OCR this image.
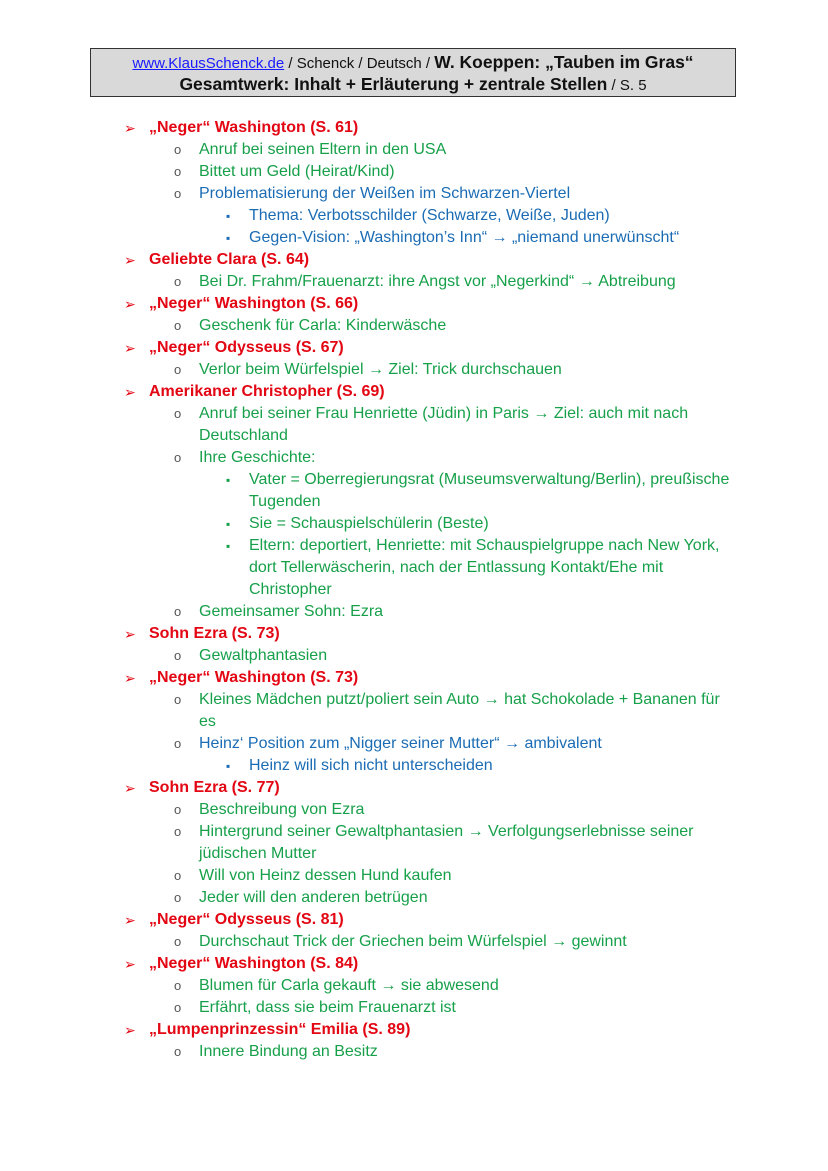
www.KlausSchenck.de / Schenck / Deutsch / W. Koeppen: „Tauben im Gras“
Gesamtwerk: Inhalt + Erläuterung + zentrale Stellen / S. 5
➢ „Neger“ Washington (S. 61)
o Anruf bei seinen Eltern in den USA
o Bittet um Geld (Heirat/Kind)
o Problematisierung der Weißen im Schwarzen-Viertel
▪ Thema: Verbotsschilder (Schwarze, Weiße, Juden)
▪ Gegen-Vision: „Washington’s Inn“ → „niemand unerwünscht“
➢ Geliebte Clara (S. 64)
o Bei Dr. Frahm/Frauenarzt: ihre Angst vor „Negerkind“ → Abtreibung
➢ „Neger“ Washington (S. 66)
o Geschenk für Carla: Kinderwäsche
➢ „Neger“ Odysseus (S. 67)
o Verlor beim Würfelspiel → Ziel: Trick durchschauen
➢ Amerikaner Christopher (S. 69)
o Anruf bei seiner Frau Henriette (Jüdin) in Paris → Ziel: auch mit nach Deutschland
o Ihre Geschichte:
▪ Vater = Oberregierungsrat (Museumsverwaltung/Berlin), preußische Tugenden
▪ Sie = Schauspielschülerin (Beste)
▪ Eltern: deportiert, Henriette: mit Schauspielgruppe nach New York, dort Tellerwäscherin, nach der Entlassung Kontakt/Ehe mit Christopher
o Gemeinsamer Sohn: Ezra
➢ Sohn Ezra (S. 73)
o Gewaltphantasien
➢ „Neger“ Washington (S. 73)
o Kleines Mädchen putzt/poliert sein Auto → hat Schokolade + Bananen für es
o Heinz‘ Position zum „Nigger seiner Mutter“ → ambivalent
▪ Heinz will sich nicht unterscheiden
➢ Sohn Ezra (S. 77)
o Beschreibung von Ezra
o Hintergrund seiner Gewaltphantasien → Verfolgungserlebnisse seiner jüdischen Mutter
o Will von Heinz dessen Hund kaufen
o Jeder will den anderen betrügen
➢ „Neger“ Odysseus (S. 81)
o Durchschaut Trick der Griechen beim Würfelspiel → gewinnt
➢ „Neger“ Washington (S. 84)
o Blumen für Carla gekauft → sie abwesend
o Erfährt, dass sie beim Frauenarzt ist
➢ „Lumpenprinzessin“ Emilia (S. 89)
o Innere Bindung an Besitz
